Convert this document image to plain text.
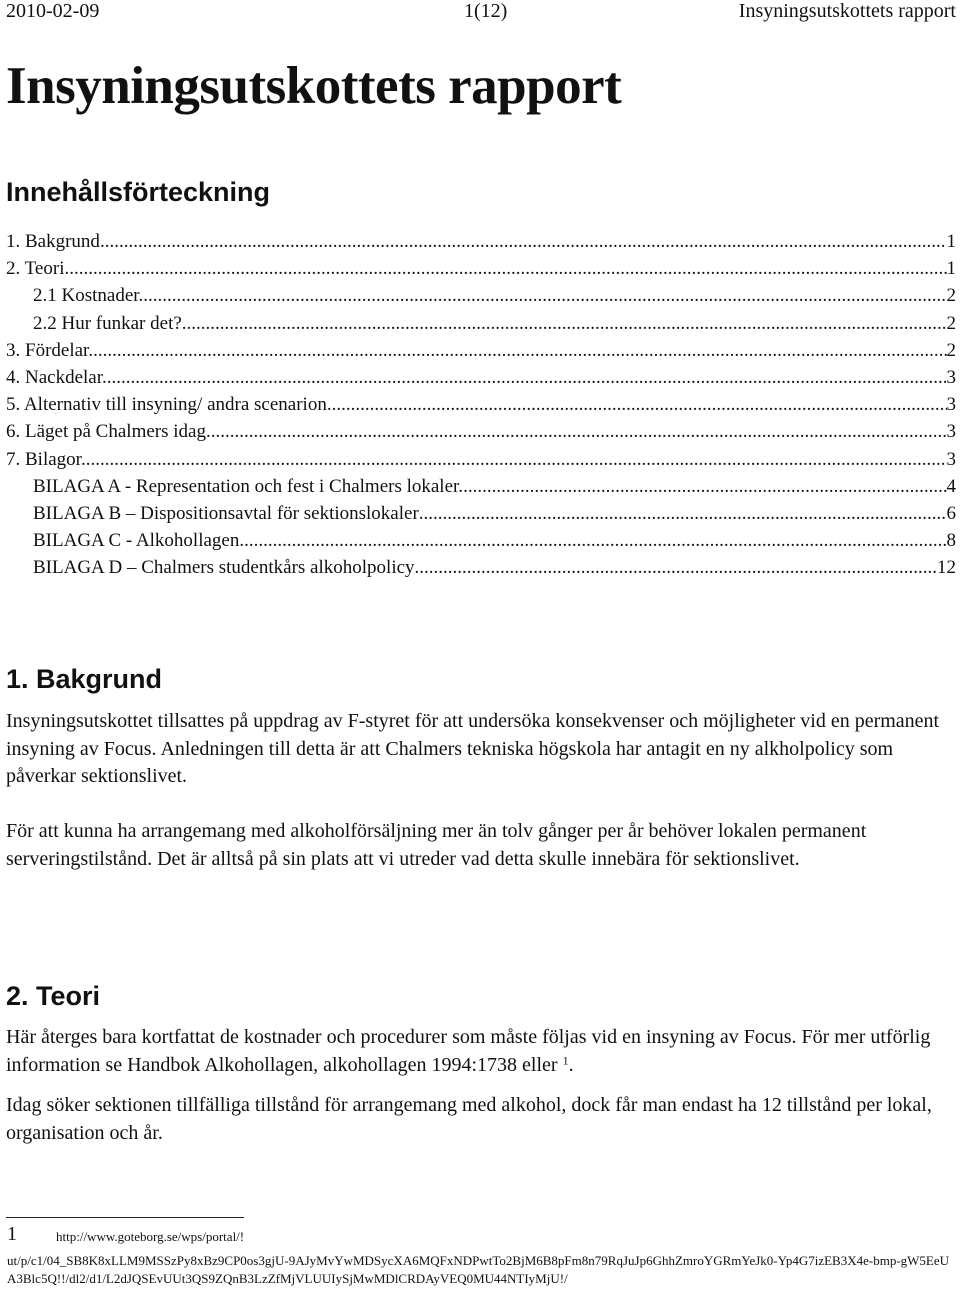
2010-02-09	1(12)	Insyningsutskottets rapport
Insyningsutskottets rapport
Innehållsförteckning
1. Bakgrund .....	1
2. Teori. .....	1
2.1 Kostnader. .....	2
2.2 Hur funkar det? .....	2
3. Fördelar. .....	2
4. Nackdelar. .....	3
5. Alternativ till insyning/ andra scenarion. .....	3
6. Läget på Chalmers idag. .....	3
7. Bilagor. .....	3
BILAGA A - Representation och fest i Chalmers lokaler. .....	4
BILAGA B – Dispositionsavtal för sektionslokaler .....	6
BILAGA C - Alkohollagen .....	8
BILAGA D – Chalmers studentkårs alkoholpolicy .....	12
1. Bakgrund

Insyningsutskottet tillsattes på uppdrag av F-styret för att undersöka konsekvenser och möjligheter vid en permanent insyning av Focus. Anledningen till detta är att Chalmers tekniska högskola har antagit en ny alkholpolicy som påverkar sektionslivet.

För att kunna ha arrangemang med alkoholförsäljning mer än tolv gånger per år behöver lokalen permanent serveringstilstånd. Det är alltså på sin plats att vi utreder vad detta skulle innebära för sektionslivet.

2. Teori

Här återges bara kortfattat de kostnader och procedurer som måste följas vid en insyning av Focus. För mer utförlig information se Handbok Alkohollagen, alkohollagen 1994:1738 eller $^1$.

Idag söker sektionen tillfälliga tillstånd för arrangemang med alkohol, dock får man endast ha 12 tillstånd per lokal, organisation och år.

1	http://www.goteborg.se/wps/portal/!
ut/p/c1/04_SB8K8xLLM9MSSzPy8xBz9CP0os3gjU-9AJyMvYwMDSycXA6MQFxNDPwtTo2BjM6B8pFm8n79RqJuJp6GhhZmroYGRmYeJk0-Yp4G7izEB3X4e-bmp-gW5EeUA3Blc5Q!!/dl2/d1/L2dJQSEvUUt3QS9ZQnB3LzZfMjVLUUIySjMwMDlCRDAyVEQ0MU44NTIyMjU!/
